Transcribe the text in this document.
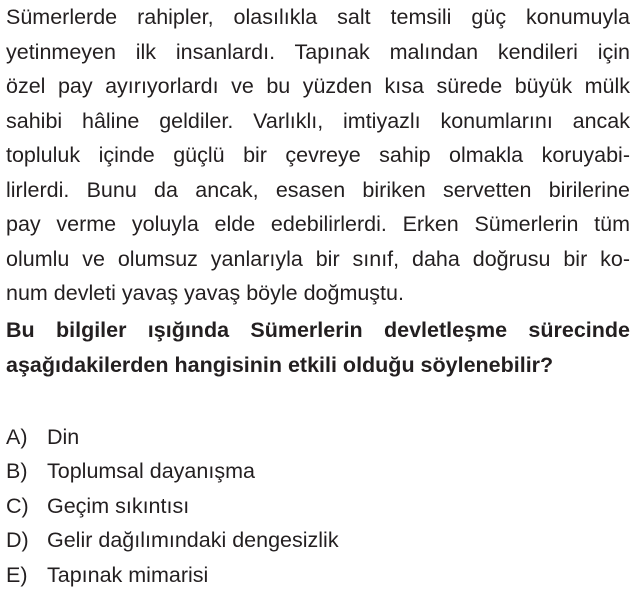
Sümerlerde rahipler, olasılıkla salt temsili güç konumuyla
yetinmeyen ilk insanlardı. Tapınak malından kendileri için
özel pay ayırıyorlardı ve bu yüzden kısa sürede büyük mülk
sahibi hâline geldiler. Varlıklı, imtiyazlı konumlarını ancak
topluluk içinde güçlü bir çevreye sahip olmakla koruyabi-
lirlerdi. Bunu da ancak, esasen biriken servetten birilerine
pay verme yoluyla elde edebilirlerdi. Erken Sümerlerin tüm
olumlu ve olumsuz yanlarıyla bir sınıf, daha doğrusu bir ko-
num devleti yavaş yavaş böyle doğmuştu.
Bu bilgiler ışığında Sümerlerin devletleşme sürecinde
aşağıdakilerden hangisinin etkili olduğu söylenebilir?
A) Din
B) Toplumsal dayanışma
C) Geçim sıkıntısı
D) Gelir dağılımındaki dengesizlik
E) Tapınak mimarisi
